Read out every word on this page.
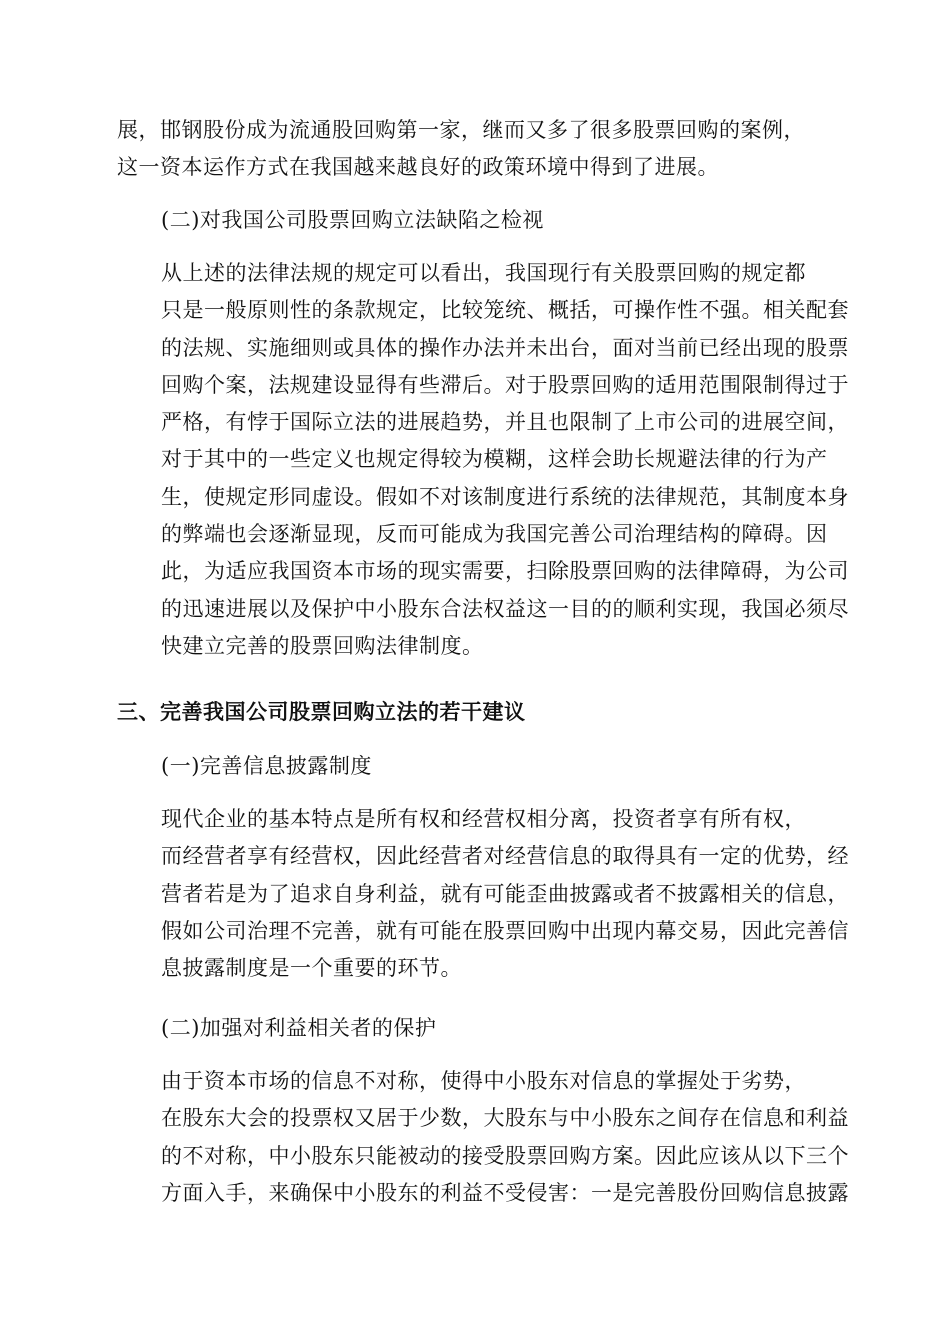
展，邯钢股份成为流通股回购第一家，继而又多了很多股票回购的案例，
这一资本运作方式在我国越来越良好的政策环境中得到了进展。

(二)对我国公司股票回购立法缺陷之检视

从上述的法律法规的规定可以看出，我国现行有关股票回购的规定都
只是一般原则性的条款规定，比较笼统、概括，可操作性不强。相关配套
的法规、实施细则或具体的操作办法并未出台，面对当前已经出现的股票
回购个案，法规建设显得有些滞后。对于股票回购的适用范围限制得过于
严格，有悖于国际立法的进展趋势，并且也限制了上市公司的进展空间，
对于其中的一些定义也规定得较为模糊，这样会助长规避法律的行为产
生，使规定形同虚设。假如不对该制度进行系统的法律规范，其制度本身
的弊端也会逐渐显现，反而可能成为我国完善公司治理结构的障碍。因
此，为适应我国资本市场的现实需要，扫除股票回购的法律障碍，为公司
的迅速进展以及保护中小股东合法权益这一目的的顺利实现，我国必须尽
快建立完善的股票回购法律制度。

三、完善我国公司股票回购立法的若干建议

(一)完善信息披露制度

现代企业的基本特点是所有权和经营权相分离，投资者享有所有权，
而经营者享有经营权，因此经营者对经营信息的取得具有一定的优势，经
营者若是为了追求自身利益，就有可能歪曲披露或者不披露相关的信息，
假如公司治理不完善，就有可能在股票回购中出现内幕交易，因此完善信
息披露制度是一个重要的环节。

(二)加强对利益相关者的保护

由于资本市场的信息不对称，使得中小股东对信息的掌握处于劣势，
在股东大会的投票权又居于少数，大股东与中小股东之间存在信息和利益
的不对称，中小股东只能被动的接受股票回购方案。因此应该从以下三个
方面入手，来确保中小股东的利益不受侵害：一是完善股份回购信息披露
